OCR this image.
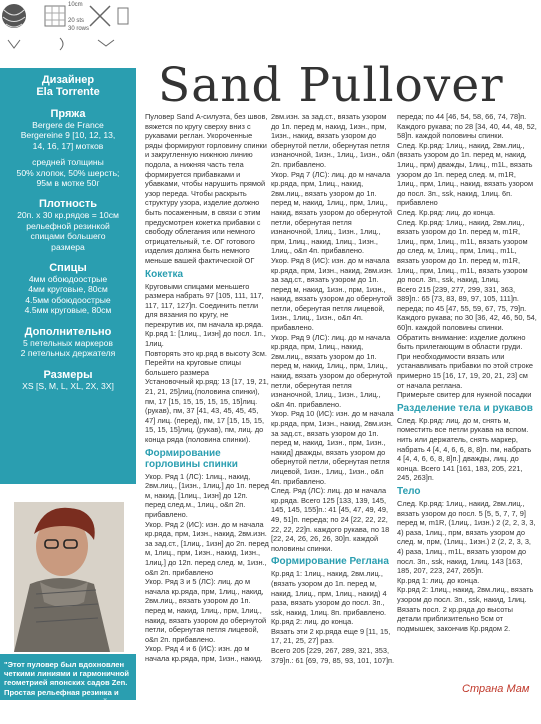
10cm
20 sts
30 rows
Дизайнер
Ela Torrente
Пряжа

Bergere de France

Bergereine 9 [10, 12, 13,

14, 16, 17] мотков

средней толщины

50% хлопок, 50% шерсть;

95м в мотке 50г

Плотность

20п. х 30 кр.рядов = 10см

рельефной резинкой

спицами большего

размера

Спицы

4мм обоюдоострые

4мм круговые, 80см

4.5мм обоюдоострые

4.5мм круговые, 80см

Дополнительно

5 петельных маркеров

2 петельных держателя

Размеры

XS [S, M, L, XL, 2X, 3X]

"Этот пуловер был вдохновлен четкими линиями и гармоничной геометрией японских садов Zen. Простая рельефная резинка и множество мелких деталей дизайна сделают ваше вязание увлекательным. "
Sand Pullover

Пуловер Sand А-силуэта, без швов, вяжется по кругу сверху вниз с рукавами реглан. Укороченные ряды формируют горловину спинки и закругленную нижнюю линию подола, а нижняя часть тела формируется прибавками и убавками, чтобы нарушить прямой узор переда. Чтобы раскрыть структуру узора, изделие должно быть посаженным, в связи с этим предусмотрен кокетка прибавки с свободу облегания или немного отрицательный, т.е. ОГ готового изделия должна быть немного меньше вашей фактической ОГ

Кокетка

Круговыми спицами меньшего размера набрать 97 [105, 111, 117, 117, 117, 127]п. Соединить петли для вязания по кругу, не перекрутив их, пм начала кр.ряда.
Кр.ряд 1: [1лиц., 1изн] до посл. 1п., 1лиц.
Повторять это кр.ряд в высоту 3см. Перейти на круговые спицы большего размера
Установочный кр.ряд: 13 [17, 19, 21, 21, 21, 25]лиц.(половина спинки), пм, 17 [15, 15, 15, 15, 15, 15]лиц. (рукав), пм, 37 [41, 43, 45, 45, 45, 47] лиц. (перед), пм, 17 [15, 15, 15, 15, 15, 15]лиц. (рукав), пм, лиц. до конца ряда (половина спинки).

Формирование горловины спинки

Укор. Ряд 1 (ЛС): 1лиц., накид, 2вм.лиц., [1изн., 1лиц.] до 1п. перед м, накид, [1лиц., 1изн] до 12п. перед след.м., 1лиц., о&п 2п. прибавлено.
Укор. Ряд 2 (ИС): изн. до м начала кр.ряда, прм, 1изн., накид, 2вм.изн. за зад.ст., [1лиц., 1изн] до 2п. перед м, 1лиц., прм, 1изн., накид, 1изн., 1лиц.] до 12п. перед след. м, 1изн., о&п 2п. прибавлено
Укор. Ряд 3 и 5 (ЛС): лиц. до м начала кр.ряда, прм, 1лиц., накид, 2вм.лиц., вязать узором до 1п. перед м, накид, 1лиц., прм, 1лиц., накид, вязать узором до обернутой петли, обернутая петля лицевой, о&п 2п. прибавлено.
Укор. Ряд 4 и 6 (ИС): изн. до м начала кр.ряда, прм, 1изн., накид.

2вм.изн. за зад.ст., вязать узором до 1п. перед м, накид, 1изн., прм, 1изн., накид, вязать узором до обернутой петли, обернутая петля изнаночной, 1изн., 1лиц., 1изн., о&п 2п. прибавлено.
Укор. Ряд 7 (ЛС): лиц. до м начала кр.ряда, прм, 1лиц., накид, 2вм.лиц., вязать узором до 1п. перед м, накид, 1лиц., прм, 1лиц., накид, вязать узором до обернутой петли, обернутая петля изнаночной, 1лиц., 1изн., 1лиц., прм, 1лиц., накид, 1лиц., 1изн., 1лиц., о&п 4п. прибавлено.
Укор. Ряд 8 (ИС): изн. до м начала кр.ряда, прм, 1изн., накид, 2вм.изн. за зад.ст., вязать узором до 1п. перед м, накид, 1изн., прм, 1изн., накид, вязать узором до обернутой петли, обернутая петля лицевой, 1изн., 1лиц., 1изн., о&п 4п. прибавлено.
Укор. Ряд 9 (ЛС): лиц. до м начала кр.ряда, прм, 1лиц., накид, 2вм.лиц., вязать узором до 1п. перед м, накид, 1лиц., прм, 1лиц., накид, вязать узором до обернутой петли, обернутая петля изнаночной, 1лиц., 1изн., 1лиц., о&п 4п. прибавлено.
Укор. Ряд 10 (ИС): изн. до м начала кр.ряда, прм, 1изн., накид, 2вм.изн. за зад.ст., вязать узором до 1п. перед м, накид, 1изн., прм, 1изн., накид] дважды, вязать узором до обернутой петли, обернутая петля лицевой, 1изн., 1лиц., 1изн., о&п
4п. прибавлено.
След. Ряд (ЛС): лиц. до м начала кр.ряда. Всего 125 [133, 139, 145, 145, 145, 155]п.: 41 [45, 47, 49, 49, 49, 51]п. переда; по 24 [22, 22, 22, 22, 22, 22]п. каждого рукава, по 18 [22, 24, 26, 26, 26, 30]п. каждой половины спинки.

Формирование Реглана

Кр.ряд 1: 1лиц., накид, 2вм.лиц., (вязать узором до 1п. перед м, накид, 1лиц., прм, 1лиц., накид) 4 раза, вязать узором до посл. 3п., ssk, накид, 1лиц. 8п. прибавлено.
Кр.ряд 2: лиц. до конца.
Вязать эти 2 кр.ряда еще 9 [11, 15, 17, 21, 25, 27] раз.
Всего 205 [229, 267, 289, 321, 353, 379]п.: 61 [69, 79, 85, 93, 101, 107]п.

переда; по 44 [46, 54, 58, 66, 74, 78]п. Каждого рукава; по 28 [34, 40, 44, 48, 52, 58]п. каждой половины спинки.
След. Кр.ряд: 1лиц., накид, 2вм.лиц., (вязать узором до 1п. перед м, накид, 1лиц., прм) дважды, 1лиц., m1L, вязать узором до 1п. перед след. м, m1R, 1лиц., прм, 1лиц., накид, вязать узором до посл. 3п., ssk, накид, 1лиц. 6п. прибавлено
След. Кр.ряд: лиц. до конца.
След. Кр.ряд: 1лиц., накид, 2вм.лиц., вязать узором до 1п. перед м, m1R, 1лиц., прм, 1лиц., m1L, вязать узором до след. м, 1лиц., прм, 1лиц., m1L, вязать узором до 1п. перед м, m1R, 1лиц., прм, 1лиц., m1L, вязать узором до посл. 3п., ssk, накид, 1лиц.
Всего 215 [239, 277, 299, 331, 363, 389]п.: 65 [73, 83, 89, 97, 105, 111]п. переда; по 45 [47, 55, 59, 67, 75, 79]п. Каждого рукава; по 30 [36, 42, 46, 50, 54, 60]п. каждой половины спинки.
Обратить внимание: изделие должно быть прилегающим в области груди. При необходимости вязать или устанавливать прибавки по этой строке примерно 15 [16, 17, 19, 20, 21, 23] см от начала реглана.
Примерьте свитер для нужной посадки

Разделение тела и рукавов

След. Кр.ряд: лиц. до м, снять м, поместить все петли рукава на вспом. нить или держатель, снять маркер, набрать 4 [4, 4, 6, 6, 8, 8]п. пм, набрать 4 [4, 4, 6, 6, 8, 8]п.] дважды, лиц. до конца. Всего 141 [161, 183, 205, 221, 245, 263]п.

Тело

След. Кр.ряд: 1лиц., накид, 2вм.лиц., вязать узором до посл. 5 [5, 5, 7, 7, 9] перед м, m1R, (1лиц., 1изн.) 2 (2, 2, 3, 3, 4) раза, 1лиц., прм, вязать узором до след. м, прм, (1лиц., 1изн.) 2 (2, 2, 3, 3, 4) раза, 1лиц., m1L, вязать узором до посл. 3п., ssk, накид, 1лиц. 143 [163, 185, 207, 223, 247, 265]п.
Кр.ряд 1: лиц. до конца.
Кр.ряд 2: 1лиц., накид, 2вм.лиц., вязать узором до посл. 3п., ssk, накид, 1лиц.
Вязать посл. 2 кр.ряда до высоты детали приблизительно 5см от подмышек, закончив Кр.рядом 2.

Страна Мам
